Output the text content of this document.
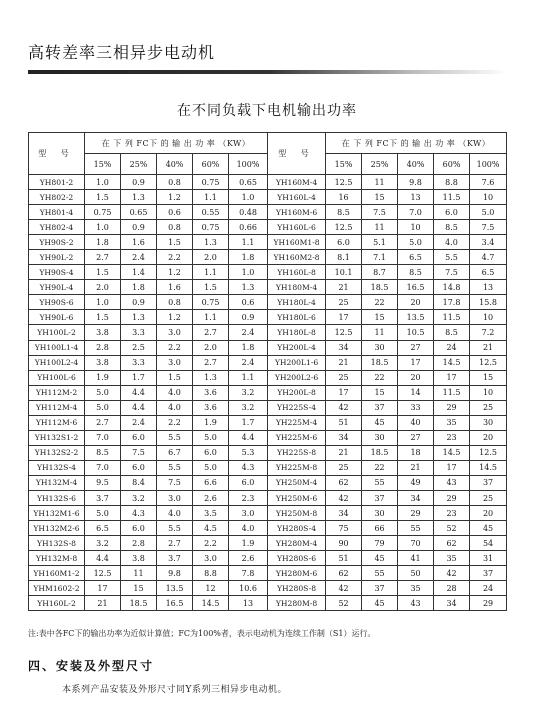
高转差率三相异步电动机
在不同负载下电机输出功率
型 号	在 下 列 FC下 的 输 出 功 率 （KW）					型 号	在 下 列 FC下 的 输 出 功 率 （KW）				
	15%	25%	40%	60%	100%		15%	25%	40%	60%	100%
YH801-2	1.0	0.9	0.8	0.75	0.65	YH160M-4	12.5	11	9.8	8.8	7.6
YH802-2	1.5	1.3	1.2	1.1	1.0	YH160L-4	16	15	13	11.5	10
YH801-4	0.75	0.65	0.6	0.55	0.48	YH160M-6	8.5	7.5	7.0	6.0	5.0
YH802-4	1.0	0.9	0.8	0.75	0.66	YH160L-6	12.5	11	10	8.5	7.5
YH90S-2	1.8	1.6	1.5	1.3	1.1	YH160M1-8	6.0	5.1	5.0	4.0	3.4
YH90L-2	2.7	2.4	2.2	2.0	1.8	YH160M2-8	8.1	7.1	6.5	5.5	4.7
YH90S-4	1.5	1.4	1.2	1.1	1.0	YH160L-8	10.1	8.7	8.5	7.5	6.5
YH90L-4	2.0	1.8	1.6	1.5	1.3	YH180M-4	21	18.5	16.5	14.8	13
YH90S-6	1.0	0.9	0.8	0.75	0.6	YH180L-4	25	22	20	17.8	15.8
YH90L-6	1.5	1.3	1.2	1.1	0.9	YH180L-6	17	15	13.5	11.5	10
YH100L-2	3.8	3.3	3.0	2.7	2.4	YH180L-8	12.5	11	10.5	8.5	7.2
YH100L1-4	2.8	2.5	2.2	2.0	1.8	YH200L-4	34	30	27	24	21
YH100L2-4	3.8	3.3	3.0	2.7	2.4	YH200L1-6	21	18.5	17	14.5	12.5
YH100L-6	1.9	1.7	1.5	1.3	1.1	YH200L2-6	25	22	20	17	15
YH112M-2	5.0	4.4	4.0	3.6	3.2	YH200L-8	17	15	14	11.5	10
YH112M-4	5.0	4.4	4.0	3.6	3.2	YH225S-4	42	37	33	29	25
YH112M-6	2.7	2.4	2.2	1.9	1.7	YH225M-4	51	45	40	35	30
YH132S1-2	7.0	6.0	5.5	5.0	4.4	YH225M-6	34	30	27	23	20
YH132S2-2	8.5	7.5	6.7	6.0	5.3	YH225S-8	21	18.5	18	14.5	12.5
YH132S-4	7.0	6.0	5.5	5.0	4.3	YH225M-8	25	22	21	17	14.5
YH132M-4	9.5	8.4	7.5	6.6	6.0	YH250M-4	62	55	49	43	37
YH132S-6	3.7	3.2	3.0	2.6	2.3	YH250M-6	42	37	34	29	25
YH132M1-6	5.0	4.3	4.0	3.5	3.0	YH250M-8	34	30	29	23	20
YH132M2-6	6.5	6.0	5.5	4.5	4.0	YH280S-4	75	66	55	52	45
YH132S-8	3.2	2.8	2.7	2.2	1.9	YH280M-4	90	79	70	62	54
YH132M-8	4.4	3.8	3.7	3.0	2.6	YH280S-6	51	45	41	35	31
YH160M1-2	12.5	11	9.8	8.8	7.8	YH280M-6	62	55	50	42	37
YHM1602-2	17	15	13.5	12	10.6	YH280S-8	42	37	35	28	24
YH160L-2	21	18.5	16.5	14.5	13	YH280M-8	52	45	43	34	29
注:表中各FC下的输出功率为近似计算值；FC为100%者，表示电动机为连续工作制（S1）运行。
四、安装及外型尺寸
本系列产品安装及外形尺寸同Y系列三相异步电动机。
